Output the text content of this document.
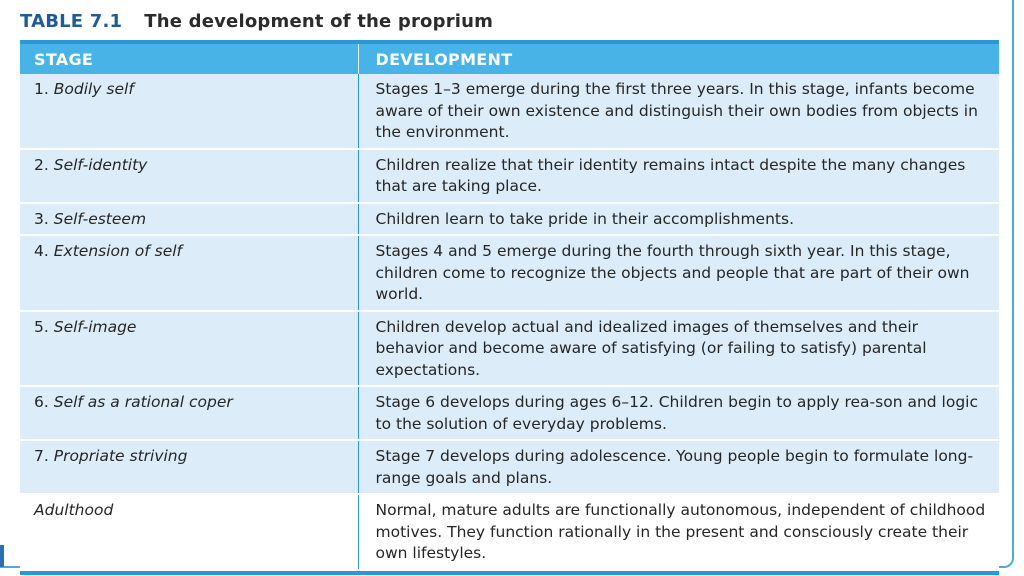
TABLE 7.1 The development of the proprium
STAGE	DEVELOPMENT
1. Bodily self	Stages 1–3 emerge during the first three years. In this stage, infants become aware of their own existence and distinguish their own bodies from objects in the environment.
2. Self-identity	Children realize that their identity remains intact despite the many changes that are taking place.
3. Self-esteem	Children learn to take pride in their accomplishments.
4. Extension of self	Stages 4 and 5 emerge during the fourth through sixth year. In this stage, children come to recognize the objects and people that are part of their own world.
5. Self-image	Children develop actual and idealized images of themselves and their behavior and become aware of satisfying (or failing to satisfy) parental expectations.
6. Self as a rational coper	Stage 6 develops during ages 6–12. Children begin to apply rea-son and logic to the solution of everyday problems.
7. Propriate striving	Stage 7 develops during adolescence. Young people begin to formulate long-range goals and plans.
Adulthood	Normal, mature adults are functionally autonomous, independent of childhood motives. They function rationally in the present and consciously create their own lifestyles.
